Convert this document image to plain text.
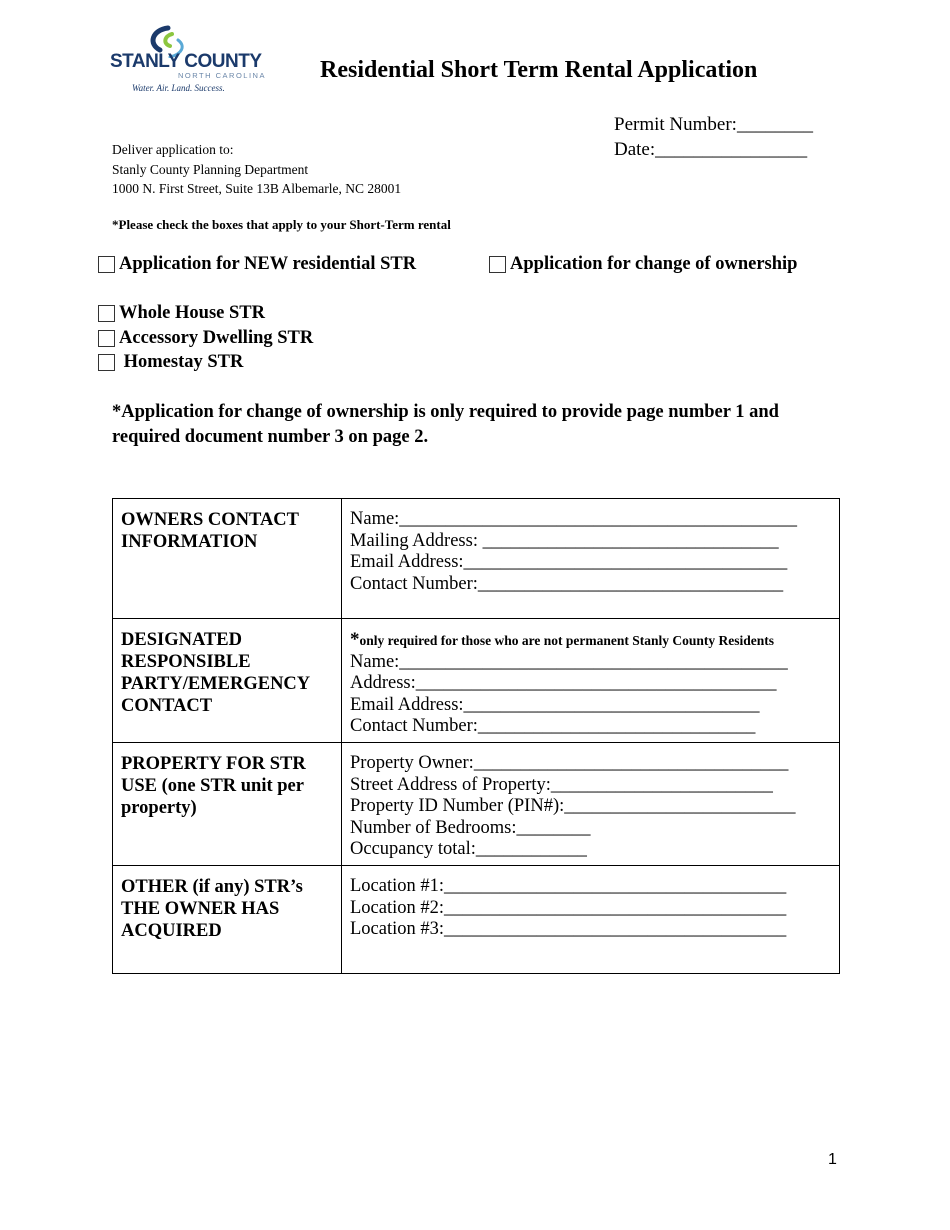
STANLY COUNTY
NORTH CAROLINA
Water. Air. Land. Success.
Residential Short Term Rental Application
Permit Number:________
Date:________________
Deliver application to:
Stanly County Planning Department
1000 N. First Street, Suite 13B Albemarle, NC 28001
*Please check the boxes that apply to your Short-Term rental
Application for NEW residential STR	Application for change of ownership
Whole House STR
Accessory Dwelling STR
Homestay STR
*Application for change of ownership is only required to provide page number 1 and required document number 3 on page 2.
OWNERS CONTACT INFORMATION	Name:___________________________________________
Mailing Address: ________________________________
Email Address:___________________________________
Contact Number:_________________________________

DESIGNATED RESPONSIBLE PARTY/EMERGENCY CONTACT	*only required for those who are not permanent Stanly County Residents
Name:__________________________________________
Address:_______________________________________
Email Address:________________________________
Contact Number:______________________________

PROPERTY FOR STR USE (one STR unit per property)	Property Owner:__________________________________
Street Address of Property:________________________
Property ID Number (PIN#):_________________________
Number of Bedrooms:________
Occupancy total:____________

OTHER (if any) STR’s THE OWNER HAS ACQUIRED	Location #1:_____________________________________
Location #2:_____________________________________
Location #3:_____________________________________
1
